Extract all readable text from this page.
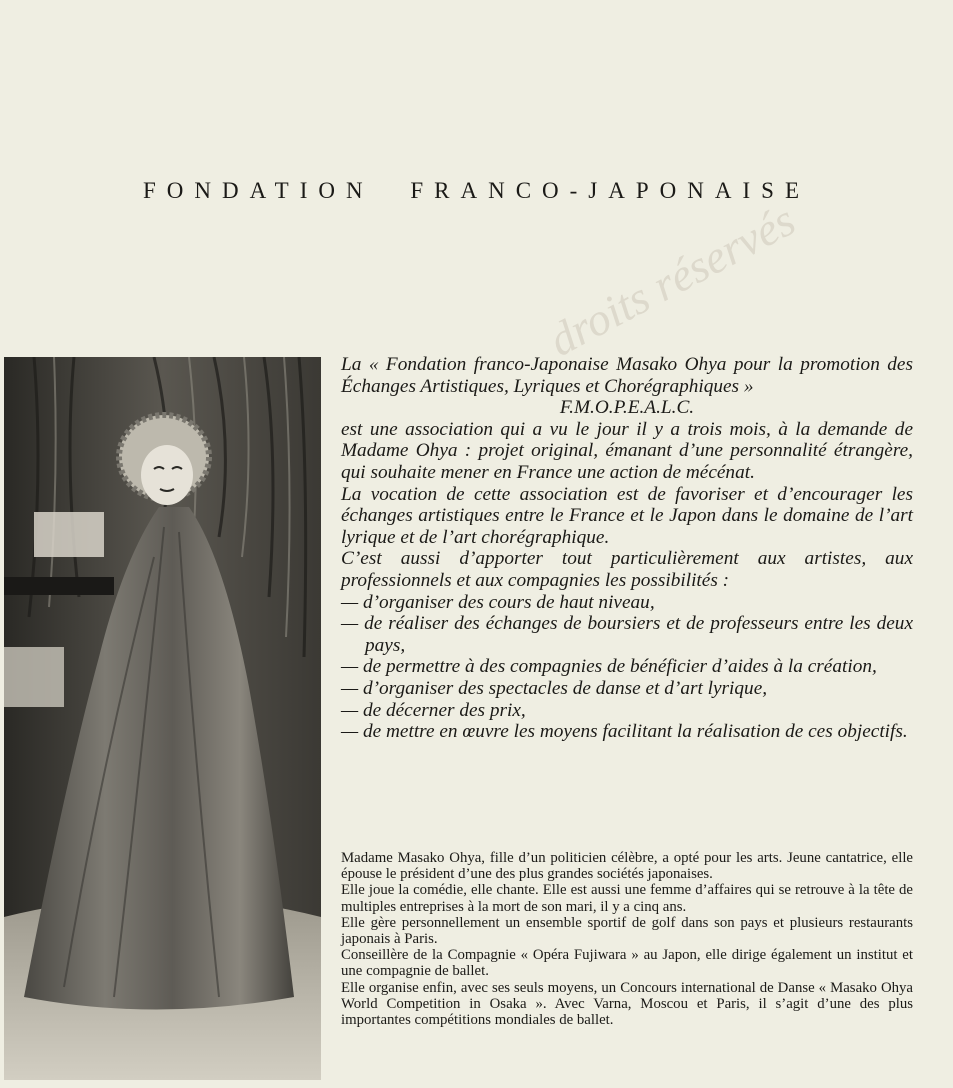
FONDATION FRANCO-JAPONAISE
droits réservés

La « Fondation franco-Japonaise Masako Ohya pour la promotion des Échanges Artistiques, Lyriques et Chorégraphiques »

F.M.O.P.E.A.L.C.

est une association qui a vu le jour il y a trois mois, à la demande de Madame Ohya : projet original, émanant d’une personnalité étrangère, qui souhaite mener en France une action de mécénat.

La vocation de cette association est de favoriser et d’encourager les échanges artistiques entre le France et le Japon dans le domaine de l’art lyrique et de l’art chorégraphique.

C’est aussi d’apporter tout particulièrement aux artistes, aux professionnels et aux compagnies les possibilités :

— d’organiser des cours de haut niveau,
— de réaliser des échanges de boursiers et de professeurs entre les deux pays,
— de permettre à des compagnies de bénéficier d’aides à la création,
— d’organiser des spectacles de danse et d’art lyrique,
— de décerner des prix,
— de mettre en œuvre les moyens facilitant la réalisation de ces objectifs.

Madame Masako Ohya, fille d’un politicien célèbre, a opté pour les arts. Jeune cantatrice, elle épouse le président d’une des plus grandes sociétés japonaises.

Elle joue la comédie, elle chante. Elle est aussi une femme d’affaires qui se retrouve à la tête de multiples entreprises à la mort de son mari, il y a cinq ans.

Elle gère personnellement un ensemble sportif de golf dans son pays et plusieurs restaurants japonais à Paris.

Conseillère de la Compagnie « Opéra Fujiwara » au Japon, elle dirige également un institut et une compagnie de ballet.

Elle organise enfin, avec ses seuls moyens, un Concours international de Danse « Masako Ohya World Competition in Osaka ». Avec Varna, Moscou et Paris, il s’agit d’une des plus importantes compétitions mondiales de ballet.
